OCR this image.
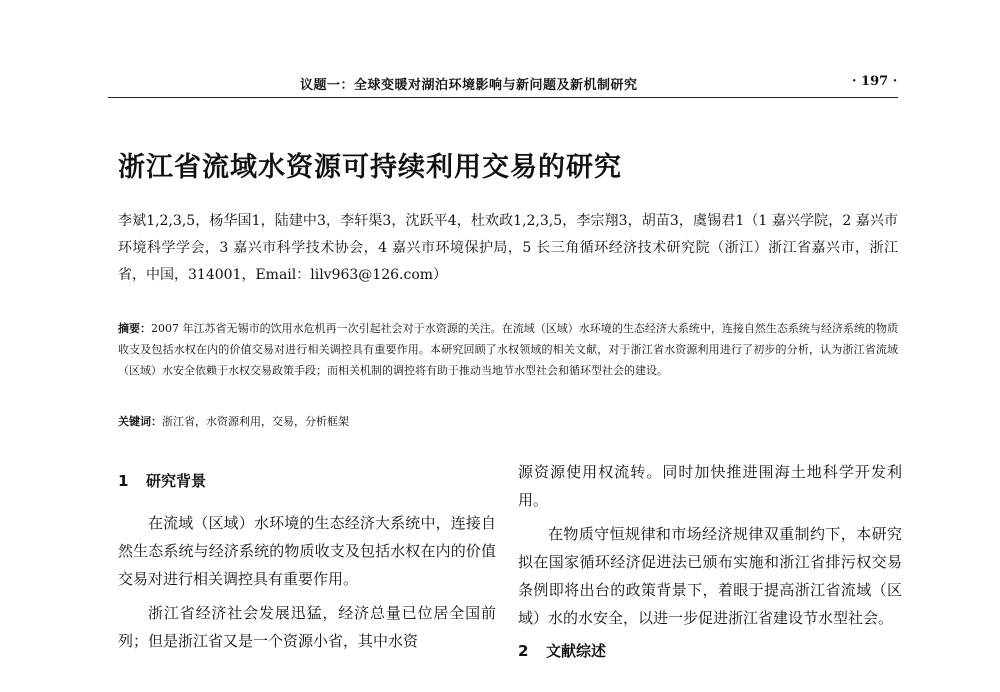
议题一：全球变暖对湖泊环境影响与新问题及新机制研究	· 197 ·
浙江省流域水资源可持续利用交易的研究
李斌1,2,3,5，杨华国1，陆建中3，李轩渠3，沈跃平4，杜欢政1,2,3,5，李宗翔3，胡苗3，虞锡君1（1 嘉兴学院，2 嘉兴市环境科学学会，3 嘉兴市科学技术协会，4 嘉兴市环境保护局，5 长三角循环经济技术研究院（浙江）浙江省嘉兴市，浙江省，中国，314001，Email：lilv963@126.com）
摘要：2007 年江苏省无锡市的饮用水危机再一次引起社会对于水资源的关注。在流域（区域）水环境的生态经济大系统中，连接自然生态系统与经济系统的物质收支及包括水权在内的价值交易对进行相关调控具有重要作用。本研究回顾了水权领域的相关文献，对于浙江省水资源利用进行了初步的分析，认为浙江省流域（区域）水安全依赖于水权交易政策手段；而相关机制的调控将有助于推动当地节水型社会和循环型社会的建设。
关键词：浙江省，水资源利用，交易，分析框架
1 研究背景

在流域（区域）水环境的生态经济大系统中，连接自然生态系统与经济系统的物质收支及包括水权在内的价值交易对进行相关调控具有重要作用。

浙江省经济社会发展迅猛，经济总量已位居全国前列；但是浙江省又是一个资源小省，其中水资

源资源使用权流转。同时加快推进围海土地科学开发利用。

在物质守恒规律和市场经济规律双重制约下，本研究拟在国家循环经济促进法已颁布实施和浙江省排污权交易条例即将出台的政策背景下，着眼于提高浙江省流域（区域）水的水安全，以进一步促进浙江省建设节水型社会。

2 文献综述
